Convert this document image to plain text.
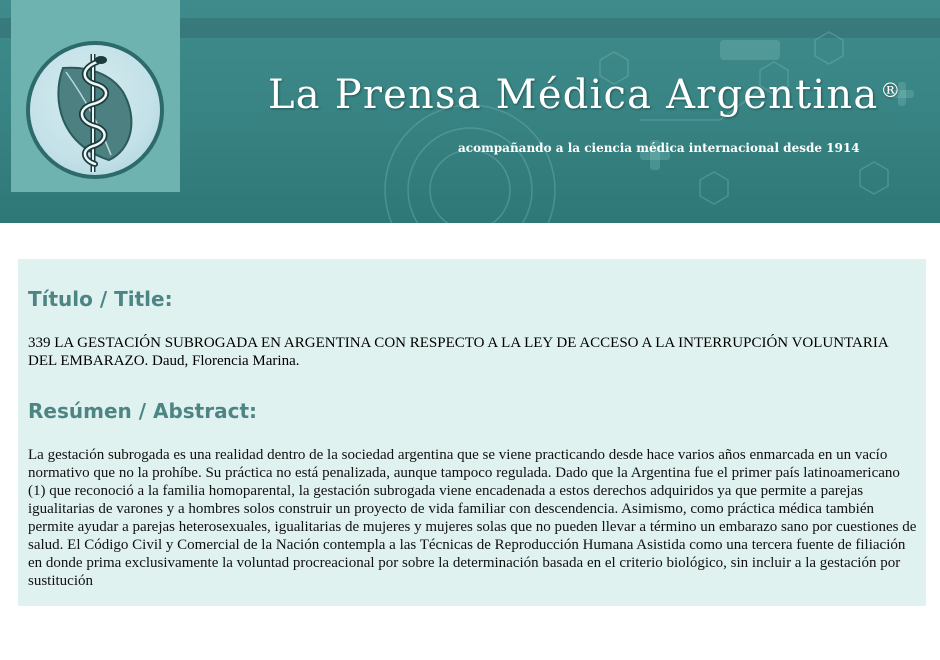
La Prensa Médica Argentina ®
acompañando a la ciencia médica internacional desde 1914
Título / Title:
339 LA GESTACIÓN SUBROGADA EN ARGENTINA CON RESPECTO A LA LEY DE ACCESO A LA INTERRUPCIÓN VOLUNTARIA DEL EMBARAZO. Daud, Florencia Marina.
Resúmen / Abstract:
La gestación subrogada es una realidad dentro de la sociedad argentina que se viene practicando desde hace varios años enmarcada en un vacío normativo que no la prohíbe. Su práctica no está penalizada, aunque tampoco regulada. Dado que la Argentina fue el primer país latinoamericano (1) que reconoció a la familia homoparental, la gestación subrogada viene encadenada a estos derechos adquiridos ya que permite a parejas igualitarias de varones y a hombres solos construir un proyecto de vida familiar con descendencia. Asimismo, como práctica médica también permite ayudar a parejas heterosexuales, igualitarias de mujeres y mujeres solas que no pueden llevar a término un embarazo sano por cuestiones de salud. El Código Civil y Comercial de la Nación contempla a las Técnicas de Reproducción Humana Asistida como una tercera fuente de filiación en donde prima exclusivamente la voluntad procreacional por sobre la determinación basada en el criterio biológico, sin incluir a la gestación por sustitución
